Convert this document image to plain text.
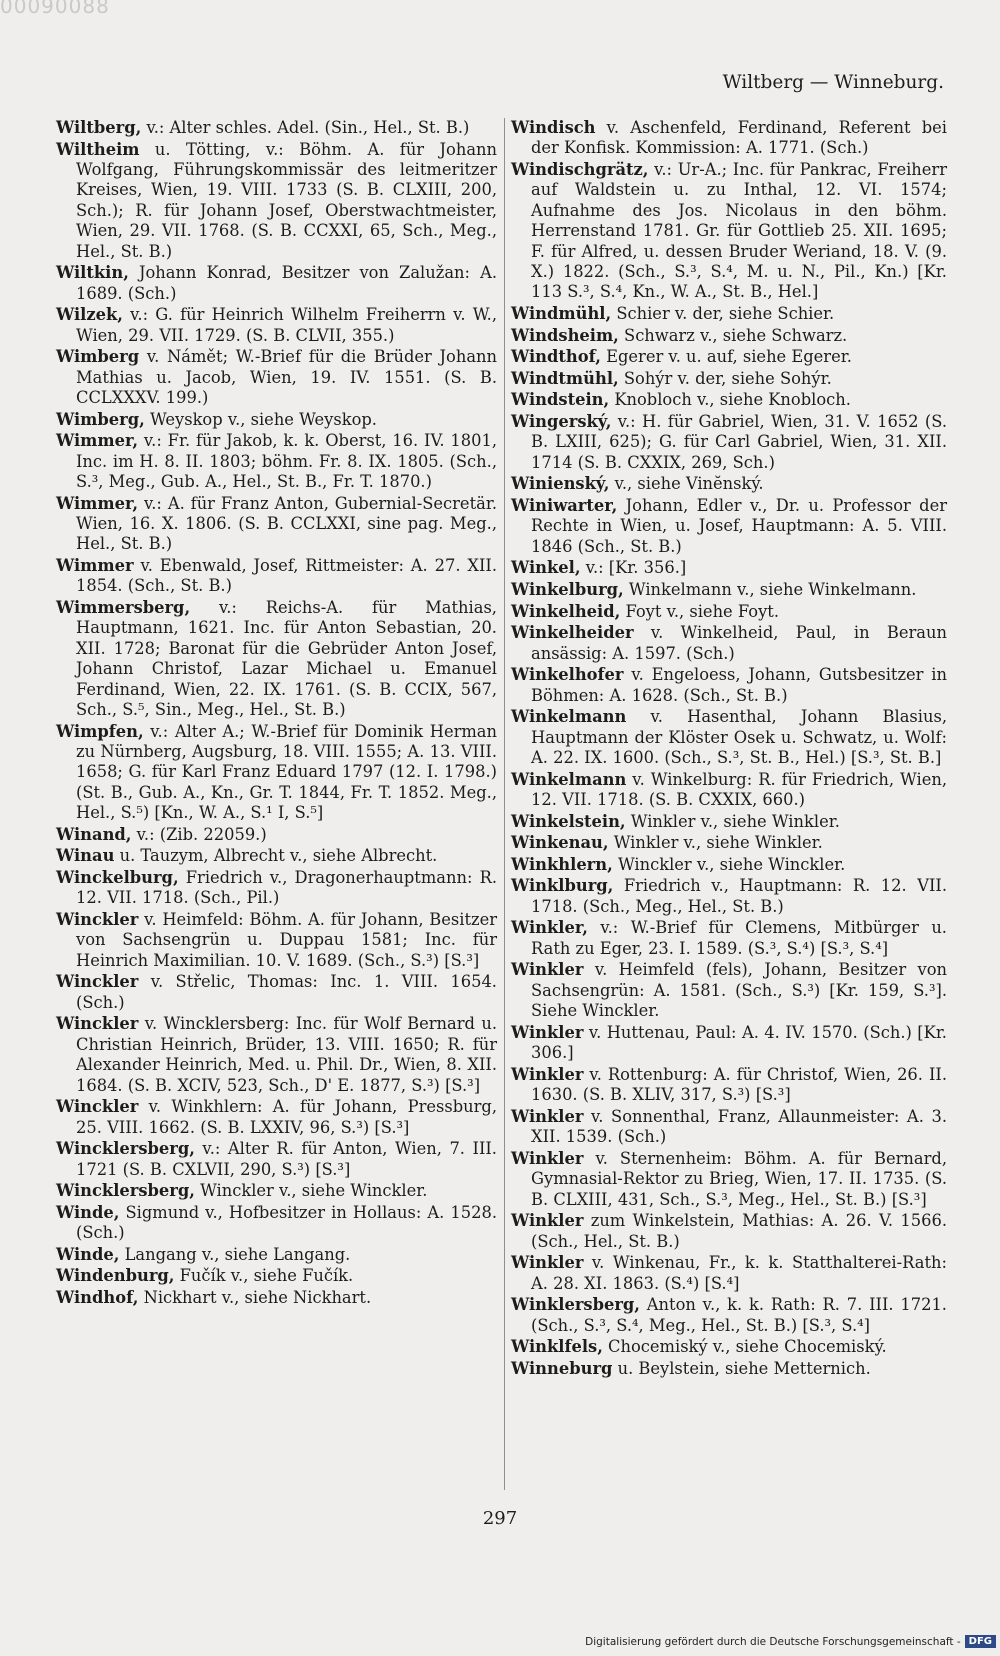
00090088
Wiltberg — Winneburg.
Wiltberg, v.: Alter schles. Adel. (Sin., Hel., St. B.)
Wiltheim u. Tötting, v.: Böhm. A. für Johann Wolfgang, Führungskommissär des leitmeritzer Kreises, Wien, 19. VIII. 1733 (S. B. CLXIII, 200, Sch.); R. für Johann Josef, Oberstwachtmeister, Wien, 29. VII. 1768. (S. B. CCXXI, 65, Sch., Meg., Hel., St. B.)
Wiltkin, Johann Konrad, Besitzer von Zalužan: A. 1689. (Sch.)
Wilzek, v.: G. für Heinrich Wilhelm Freiherrn v. W., Wien, 29. VII. 1729. (S. B. CLVII, 355.)
Wimberg v. Námět; W.-Brief für die Brüder Johann Mathias u. Jacob, Wien, 19. IV. 1551. (S. B. CCLXXXV. 199.)
Wimberg, Weyskop v., siehe Weyskop.
Wimmer, v.: Fr. für Jakob, k. k. Oberst, 16. IV. 1801, Inc. im H. 8. II. 1803; böhm. Fr. 8. IX. 1805. (Sch., S.³, Meg., Gub. A., Hel., St. B., Fr. T. 1870.)
Wimmer, v.: A. für Franz Anton, Gubernial-Secretär. Wien, 16. X. 1806. (S. B. CCLXXI, sine pag. Meg., Hel., St. B.)
Wimmer v. Ebenwald, Josef, Rittmeister: A. 27. XII. 1854. (Sch., St. B.)
Wimmersberg, v.: Reichs-A. für Mathias, Hauptmann, 1621. Inc. für Anton Sebastian, 20. XII. 1728; Baronat für die Gebrüder Anton Josef, Johann Christof, Lazar Michael u. Emanuel Ferdinand, Wien, 22. IX. 1761. (S. B. CCIX, 567, Sch., S.⁵, Sin., Meg., Hel., St. B.)
Wimpfen, v.: Alter A.; W.-Brief für Dominik Herman zu Nürnberg, Augsburg, 18. VIII. 1555; A. 13. VIII. 1658; G. für Karl Franz Eduard 1797 (12. I. 1798.) (St. B., Gub. A., Kn., Gr. T. 1844, Fr. T. 1852. Meg., Hel., S.⁵) [Kn., W. A., S.¹ I, S.⁵]
Winand, v.: (Zib. 22059.)
Winau u. Tauzym, Albrecht v., siehe Albrecht.
Winckelburg, Friedrich v., Dragonerhauptmann: R. 12. VII. 1718. (Sch., Pil.)
Winckler v. Heimfeld: Böhm. A. für Johann, Besitzer von Sachsengrün u. Duppau 1581; Inc. für Heinrich Maximilian. 10. V. 1689. (Sch., S.³) [S.³]
Winckler v. Střelic, Thomas: Inc. 1. VIII. 1654. (Sch.)
Winckler v. Wincklersberg: Inc. für Wolf Bernard u. Christian Heinrich, Brüder, 13. VIII. 1650; R. für Alexander Heinrich, Med. u. Phil. Dr., Wien, 8. XII. 1684. (S. B. XCIV, 523, Sch., D' E. 1877, S.³) [S.³]
Winckler v. Winkhlern: A. für Johann, Pressburg, 25. VIII. 1662. (S. B. LXXIV, 96, S.³) [S.³]
Wincklersberg, v.: Alter R. für Anton, Wien, 7. III. 1721 (S. B. CXLVII, 290, S.³) [S.³]
Wincklersberg, Winckler v., siehe Winckler.
Winde, Sigmund v., Hofbesitzer in Hollaus: A. 1528. (Sch.)
Winde, Langang v., siehe Langang.
Windenburg, Fučík v., siehe Fučík.
Windhof, Nickhart v., siehe Nickhart.
Windisch v. Aschenfeld, Ferdinand, Referent bei der Konfisk. Kommission: A. 1771. (Sch.)
Windischgrätz, v.: Ur-A.; Inc. für Pankrac, Freiherr auf Waldstein u. zu Inthal, 12. VI. 1574; Aufnahme des Jos. Nicolaus in den böhm. Herrenstand 1781. Gr. für Gottlieb 25. XII. 1695; F. für Alfred, u. dessen Bruder Weriand, 18. V. (9. X.) 1822. (Sch., S.³, S.⁴, M. u. N., Pil., Kn.) [Kr. 113 S.³, S.⁴, Kn., W. A., St. B., Hel.]
Windmühl, Schier v. der, siehe Schier.
Windsheim, Schwarz v., siehe Schwarz.
Windthof, Egerer v. u. auf, siehe Egerer.
Windtmühl, Sohýr v. der, siehe Sohýr.
Windstein, Knobloch v., siehe Knobloch.
Wingerský, v.: H. für Gabriel, Wien, 31. V. 1652 (S. B. LXIII, 625); G. für Carl Gabriel, Wien, 31. XII. 1714 (S. B. CXXIX, 269, Sch.)
Winienský, v., siehe Vinĕnský.
Winiwarter, Johann, Edler v., Dr. u. Professor der Rechte in Wien, u. Josef, Hauptmann: A. 5. VIII. 1846 (Sch., St. B.)
Winkel, v.: [Kr. 356.]
Winkelburg, Winkelmann v., siehe Winkelmann.
Winkelheid, Foyt v., siehe Foyt.
Winkelheider v. Winkelheid, Paul, in Beraun ansässig: A. 1597. (Sch.)
Winkelhofer v. Engeloess, Johann, Gutsbesitzer in Böhmen: A. 1628. (Sch., St. B.)
Winkelmann v. Hasenthal, Johann Blasius, Hauptmann der Klöster Osek u. Schwatz, u. Wolf: A. 22. IX. 1600. (Sch., S.³, St. B., Hel.) [S.³, St. B.]
Winkelmann v. Winkelburg: R. für Friedrich, Wien, 12. VII. 1718. (S. B. CXXIX, 660.)
Winkelstein, Winkler v., siehe Winkler.
Winkenau, Winkler v., siehe Winkler.
Winkhlern, Winckler v., siehe Winckler.
Winklburg, Friedrich v., Hauptmann: R. 12. VII. 1718. (Sch., Meg., Hel., St. B.)
Winkler, v.: W.-Brief für Clemens, Mitbürger u. Rath zu Eger, 23. I. 1589. (S.³, S.⁴) [S.³, S.⁴]
Winkler v. Heimfeld (fels), Johann, Besitzer von Sachsengrün: A. 1581. (Sch., S.³) [Kr. 159, S.³]. Siehe Winckler.
Winkler v. Huttenau, Paul: A. 4. IV. 1570. (Sch.) [Kr. 306.]
Winkler v. Rottenburg: A. für Christof, Wien, 26. II. 1630. (S. B. XLIV, 317, S.³) [S.³]
Winkler v. Sonnenthal, Franz, Allaunmeister: A. 3. XII. 1539. (Sch.)
Winkler v. Sternenheim: Böhm. A. für Bernard, Gymnasial-Rektor zu Brieg, Wien, 17. II. 1735. (S. B. CLXIII, 431, Sch., S.³, Meg., Hel., St. B.) [S.³]
Winkler zum Winkelstein, Mathias: A. 26. V. 1566. (Sch., Hel., St. B.)
Winkler v. Winkenau, Fr., k. k. Statthalterei-Rath: A. 28. XI. 1863. (S.⁴) [S.⁴]
Winklersberg, Anton v., k. k. Rath: R. 7. III. 1721. (Sch., S.³, S.⁴, Meg., Hel., St. B.) [S.³, S.⁴]
Winklfels, Chocemiský v., siehe Chocemiský.
Winneburg u. Beylstein, siehe Metternich.
297
Digitalisierung gefördert durch die Deutsche Forschungsgemeinschaft - DFG
